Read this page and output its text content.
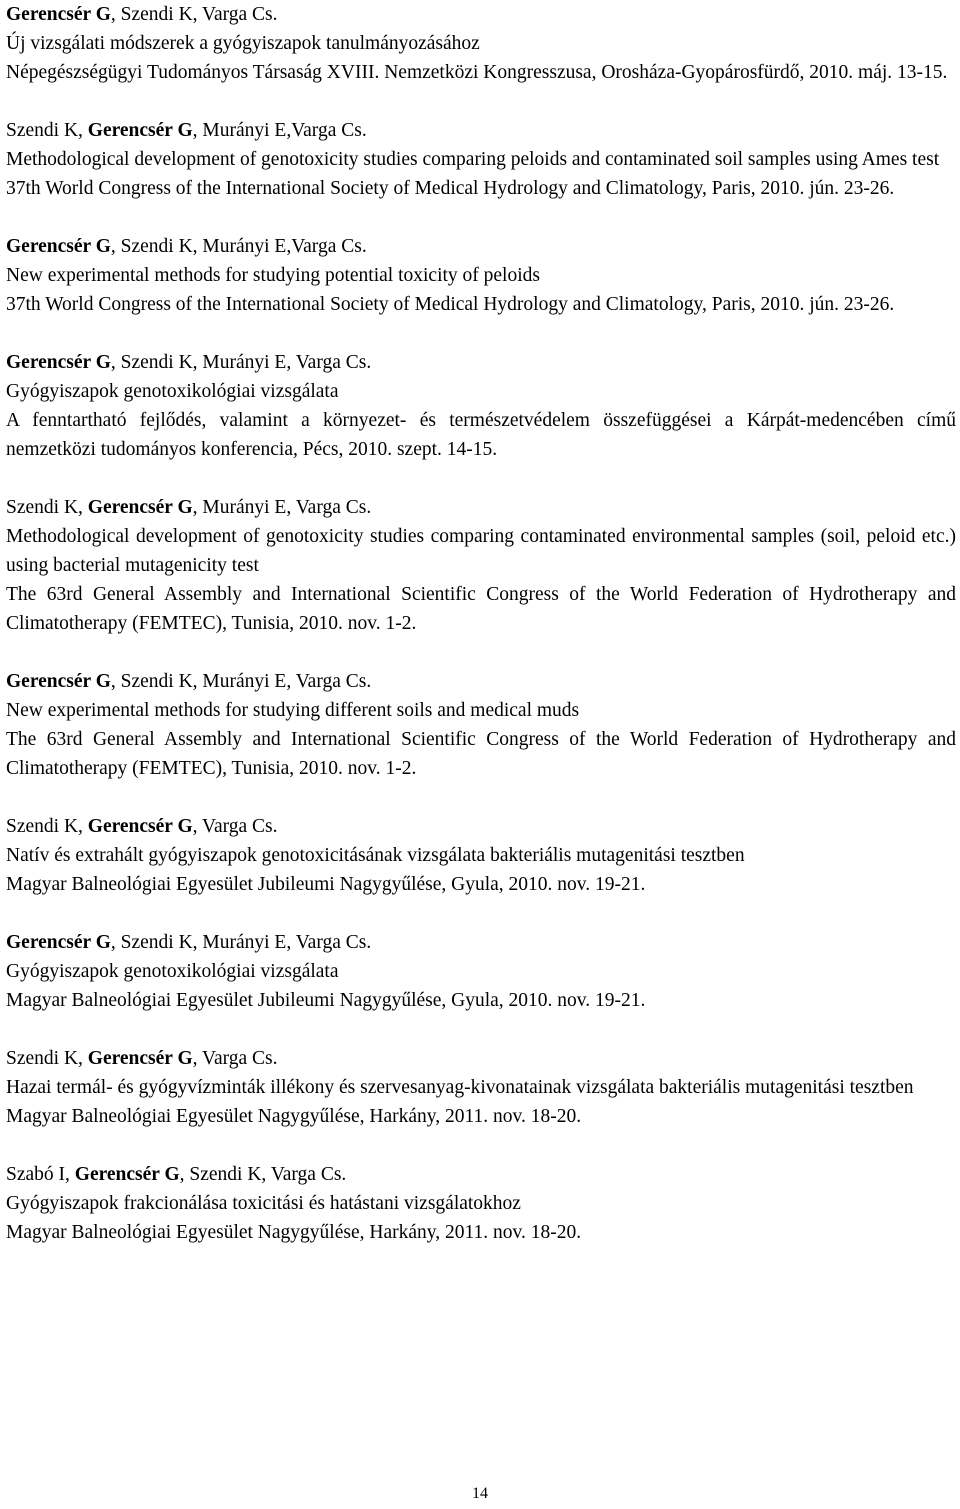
Gerencsér G, Szendi K, Varga Cs.

Új vizsgálati módszerek a gyógyiszapok tanulmányozásához

Népegészségügyi Tudományos Társaság XVIII. Nemzetközi Kongresszusa, Orosháza-Gyopárosfürdő, 2010. máj. 13-15.

Szendi K, Gerencsér G, Murányi E,Varga Cs.

Methodological development of genotoxicity studies comparing peloids and contaminated soil samples using Ames test

37th World Congress of the International Society of Medical Hydrology and Climatology, Paris, 2010. jún. 23-26.

Gerencsér G, Szendi K, Murányi E,Varga Cs.

New experimental methods for studying potential toxicity of peloids

37th World Congress of the International Society of Medical Hydrology and Climatology, Paris, 2010. jún. 23-26.

Gerencsér G, Szendi K, Murányi E, Varga Cs.

Gyógyiszapok genotoxikológiai vizsgálata

A fenntartható fejlődés, valamint a környezet- és természetvédelem összefüggései a Kárpát-medencében című nemzetközi tudományos konferencia, Pécs, 2010. szept. 14-15.

Szendi K, Gerencsér G, Murányi E, Varga Cs.

Methodological development of genotoxicity studies comparing contaminated environmental samples (soil, peloid etc.) using bacterial mutagenicity test

The 63rd General Assembly and International Scientific Congress of the World Federation of Hydrotherapy and Climatotherapy (FEMTEC), Tunisia, 2010. nov. 1-2.

Gerencsér G, Szendi K, Murányi E, Varga Cs.

New experimental methods for studying different soils and medical muds

The 63rd General Assembly and International Scientific Congress of the World Federation of Hydrotherapy and Climatotherapy (FEMTEC), Tunisia, 2010. nov. 1-2.

Szendi K, Gerencsér G, Varga Cs.

Natív és extrahált gyógyiszapok genotoxicitásának vizsgálata bakteriális mutagenitási tesztben

Magyar Balneológiai Egyesület Jubileumi Nagygyűlése, Gyula, 2010. nov. 19-21.

Gerencsér G, Szendi K, Murányi E, Varga Cs.

Gyógyiszapok genotoxikológiai vizsgálata

Magyar Balneológiai Egyesület Jubileumi Nagygyűlése, Gyula, 2010. nov. 19-21.

Szendi K, Gerencsér G, Varga Cs.

Hazai termál- és gyógyvízminták illékony és szervesanyag-kivonatainak vizsgálata bakteriális mutagenitási tesztben

Magyar Balneológiai Egyesület Nagygyűlése, Harkány, 2011. nov. 18-20.

Szabó I, Gerencsér G, Szendi K, Varga Cs.

Gyógyiszapok frakcionálása toxicitási és hatástani vizsgálatokhoz

Magyar Balneológiai Egyesület Nagygyűlése, Harkány, 2011. nov. 18-20.

14
